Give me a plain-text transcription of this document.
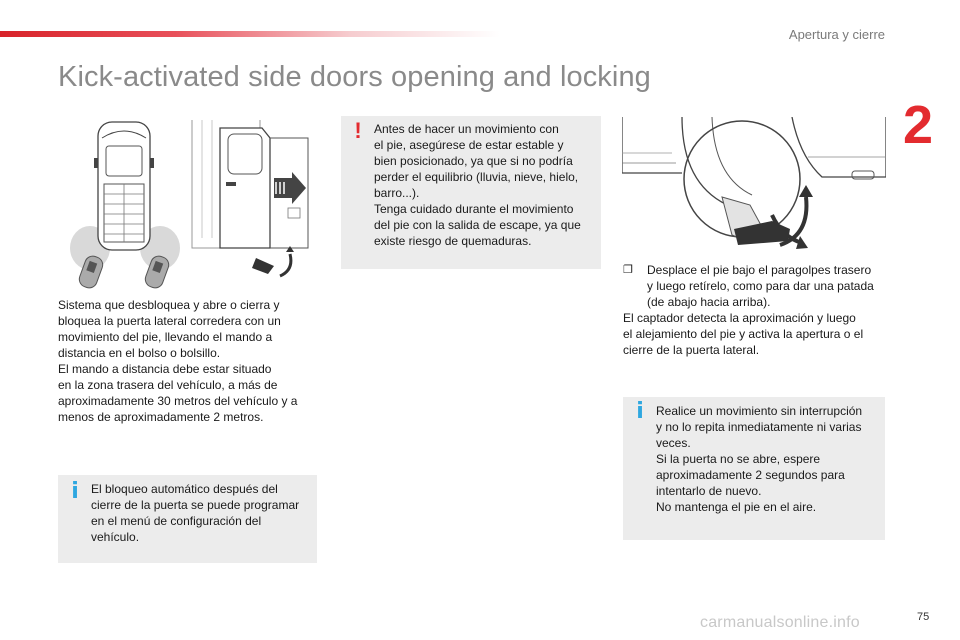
Apertura y cierre
2
Kick-activated side doors opening and locking

Sistema que desbloquea y abre o cierra y

bloquea la puerta lateral corredera con un

movimiento del pie, llevando el mando a

distancia en el bolso o bolsillo.

El mando a distancia debe estar situado

en la zona trasera del vehículo, a más de

aproximadamente 30 metros del vehículo y a

menos de aproximadamente 2 metros.

i El bloqueo automático después del

cierre de la puerta se puede programar

en el menú de configuración del

vehículo.

! Antes de hacer un movimiento con

el pie, asegúrese de estar estable y

bien posicionado, ya que si no podría

perder el equilibrio (lluvia, nieve, hielo,

barro...).

Tenga cuidado durante el movimiento

del pie con la salida de escape, ya que

existe riesgo de quemaduras.

❐ Desplace el pie bajo el paragolpes trasero

y luego retírelo, como para dar una patada

(de abajo hacia arriba).

El captador detecta la aproximación y luego

el alejamiento del pie y activa la apertura o el

cierre de la puerta lateral.

i Realice un movimiento sin interrupción

y no lo repita inmediatamente ni varias

veces.

Si la puerta no se abre, espere

aproximadamente 2 segundos para

intentarlo de nuevo.

No mantenga el pie en el aire.

carmanualsonline.info	75
